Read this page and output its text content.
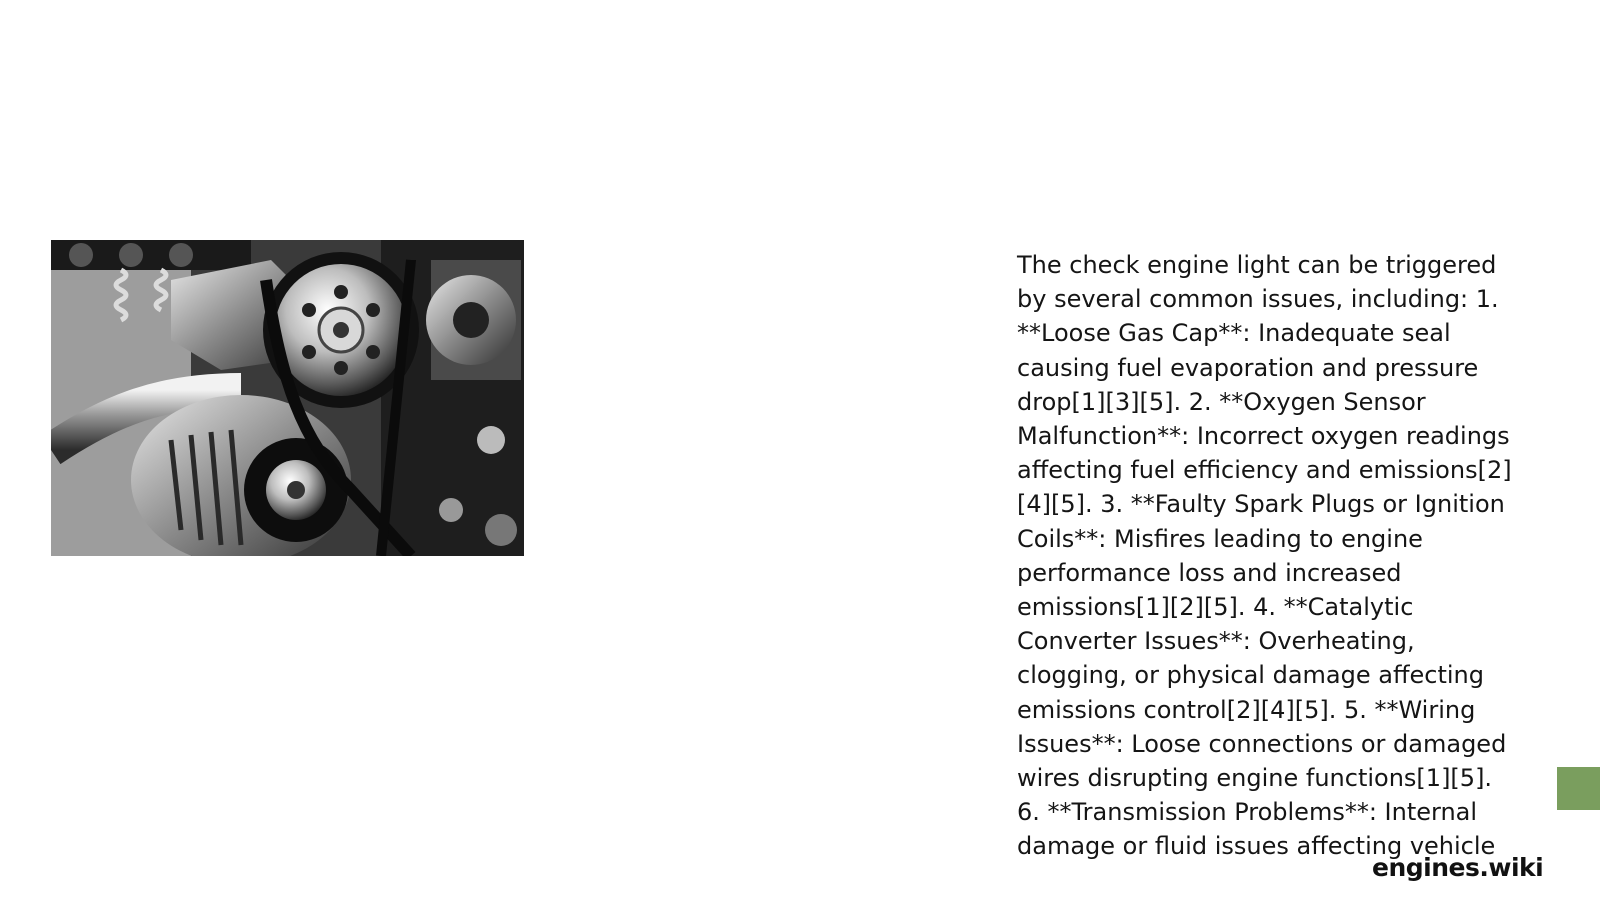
The check engine light can be triggered by several common issues, including: 1. **Loose Gas Cap**: Inadequate seal causing fuel evaporation and pressure drop[1][3][5]. 2. **Oxygen Sensor Malfunction**: Incorrect oxygen readings affecting fuel efficiency and emissions[2][4][5]. 3. **Faulty Spark Plugs or Ignition Coils**: Misfires leading to engine performance loss and increased emissions[1][2][5]. 4. **Catalytic Converter Issues**: Overheating, clogging, or physical damage affecting emissions control[2][4][5]. 5. **Wiring Issues**: Loose connections or damaged wires disrupting engine functions[1][5]. 6. **Transmission Problems**: Internal damage or fluid issues affecting vehicle

engines.wiki
